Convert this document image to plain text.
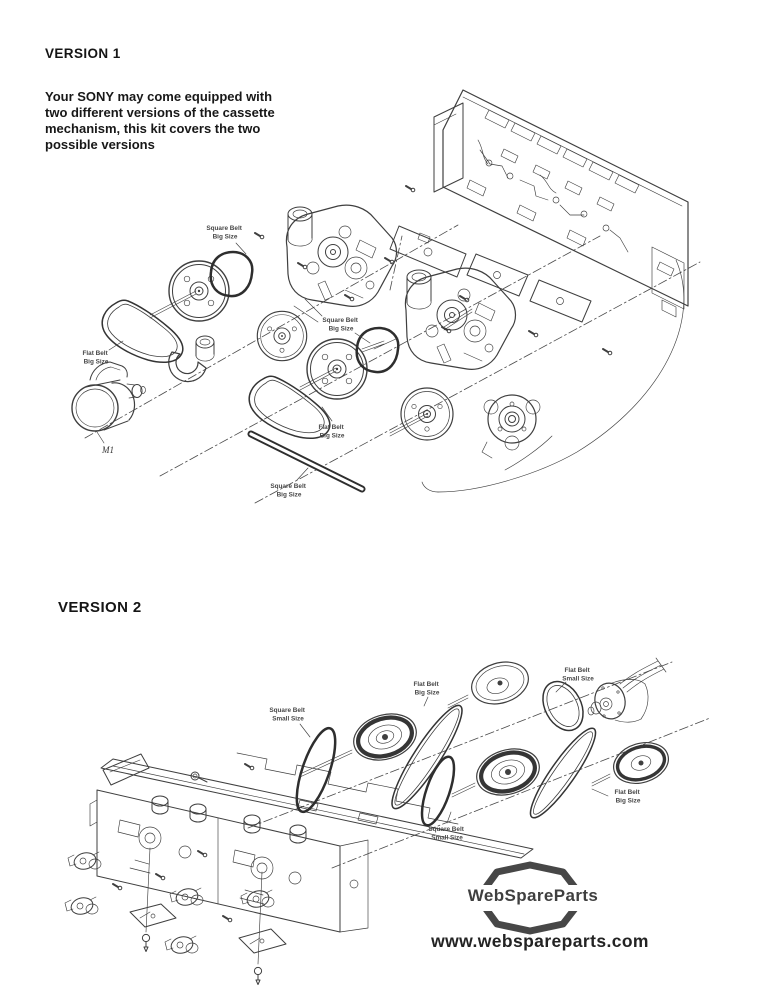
VERSION 1
Your SONY may come equipped with
two different versions of the cassette
mechanism, this kit covers the two
possible versions
VERSION 2
Square Belt Big Size
Flat Belt Big Size
Square Belt Big Size
Flat Belt Big Size
Square Belt Big Size
M1
Square Belt Small Size
Flat Belt Big Size
Flat Belt Small Size
Flat Belt Big Size
Square Belt Small Size
WebSpareParts
www.webspareparts.com
